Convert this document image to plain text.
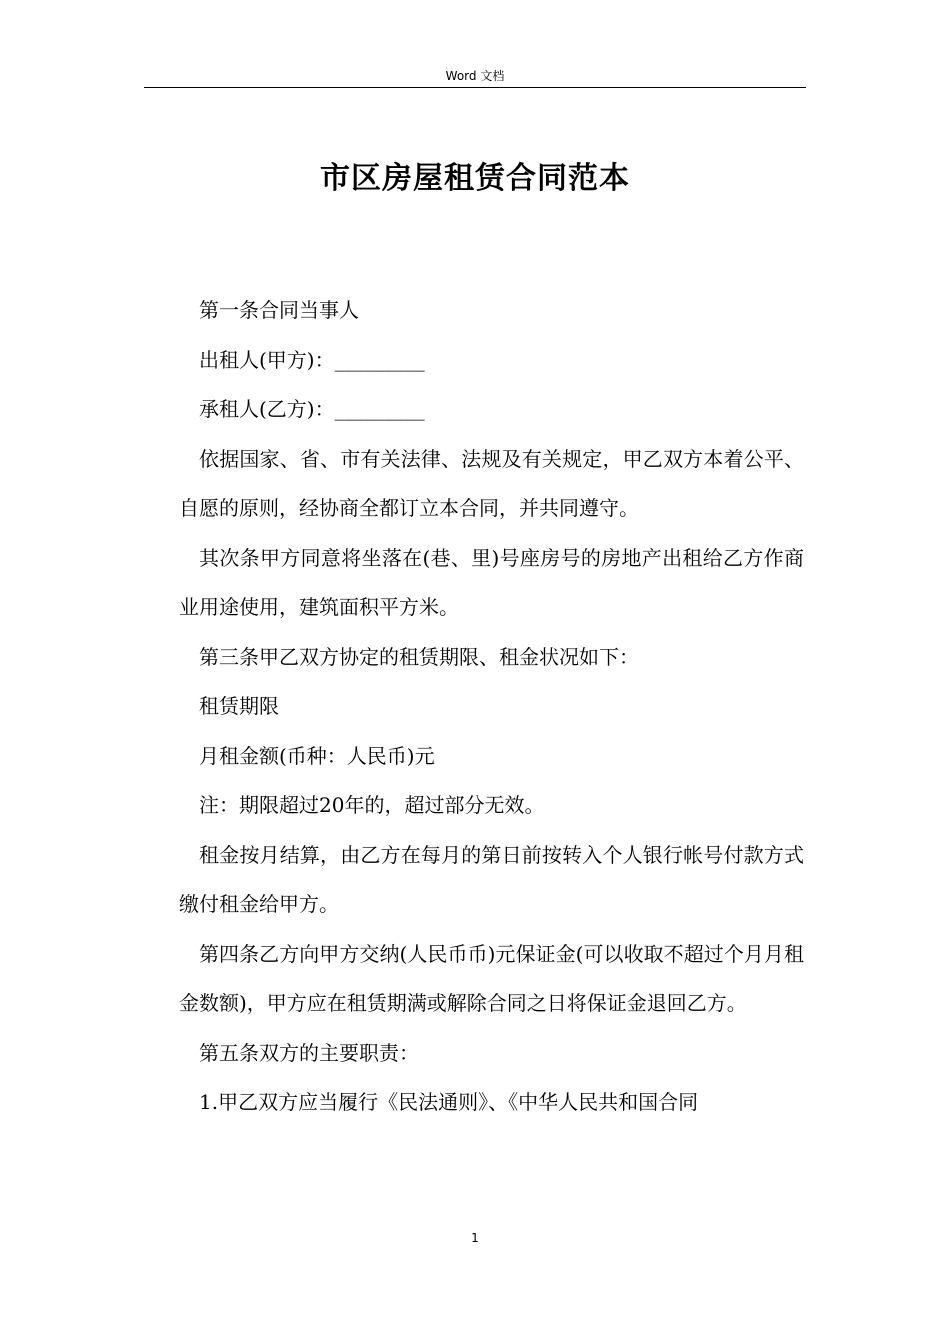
Word 文档
市区房屋租赁合同范本

第一条合同当事人

出租人(甲方)：_________

承租人(乙方)：_________

依据国家、省、市有关法律、法规及有关规定，甲乙双方本着公平、自愿的原则，经协商全都订立本合同，并共同遵守。

其次条甲方同意将坐落在(巷、里)号座房号的房地产出租给乙方作商业用途使用，建筑面积平方米。

第三条甲乙双方协定的租赁期限、租金状况如下：

租赁期限

月租金额(币种：人民币)元

注：期限超过20年的，超过部分无效。

租金按月结算，由乙方在每月的第日前按转入个人银行帐号付款方式缴付租金给甲方。

第四条乙方向甲方交纳(人民币币)元保证金(可以收取不超过个月月租金数额)，甲方应在租赁期满或解除合同之日将保证金退回乙方。

第五条双方的主要职责：

1.甲乙双方应当履行《民法通则》、《中华人民共和国合同

1
